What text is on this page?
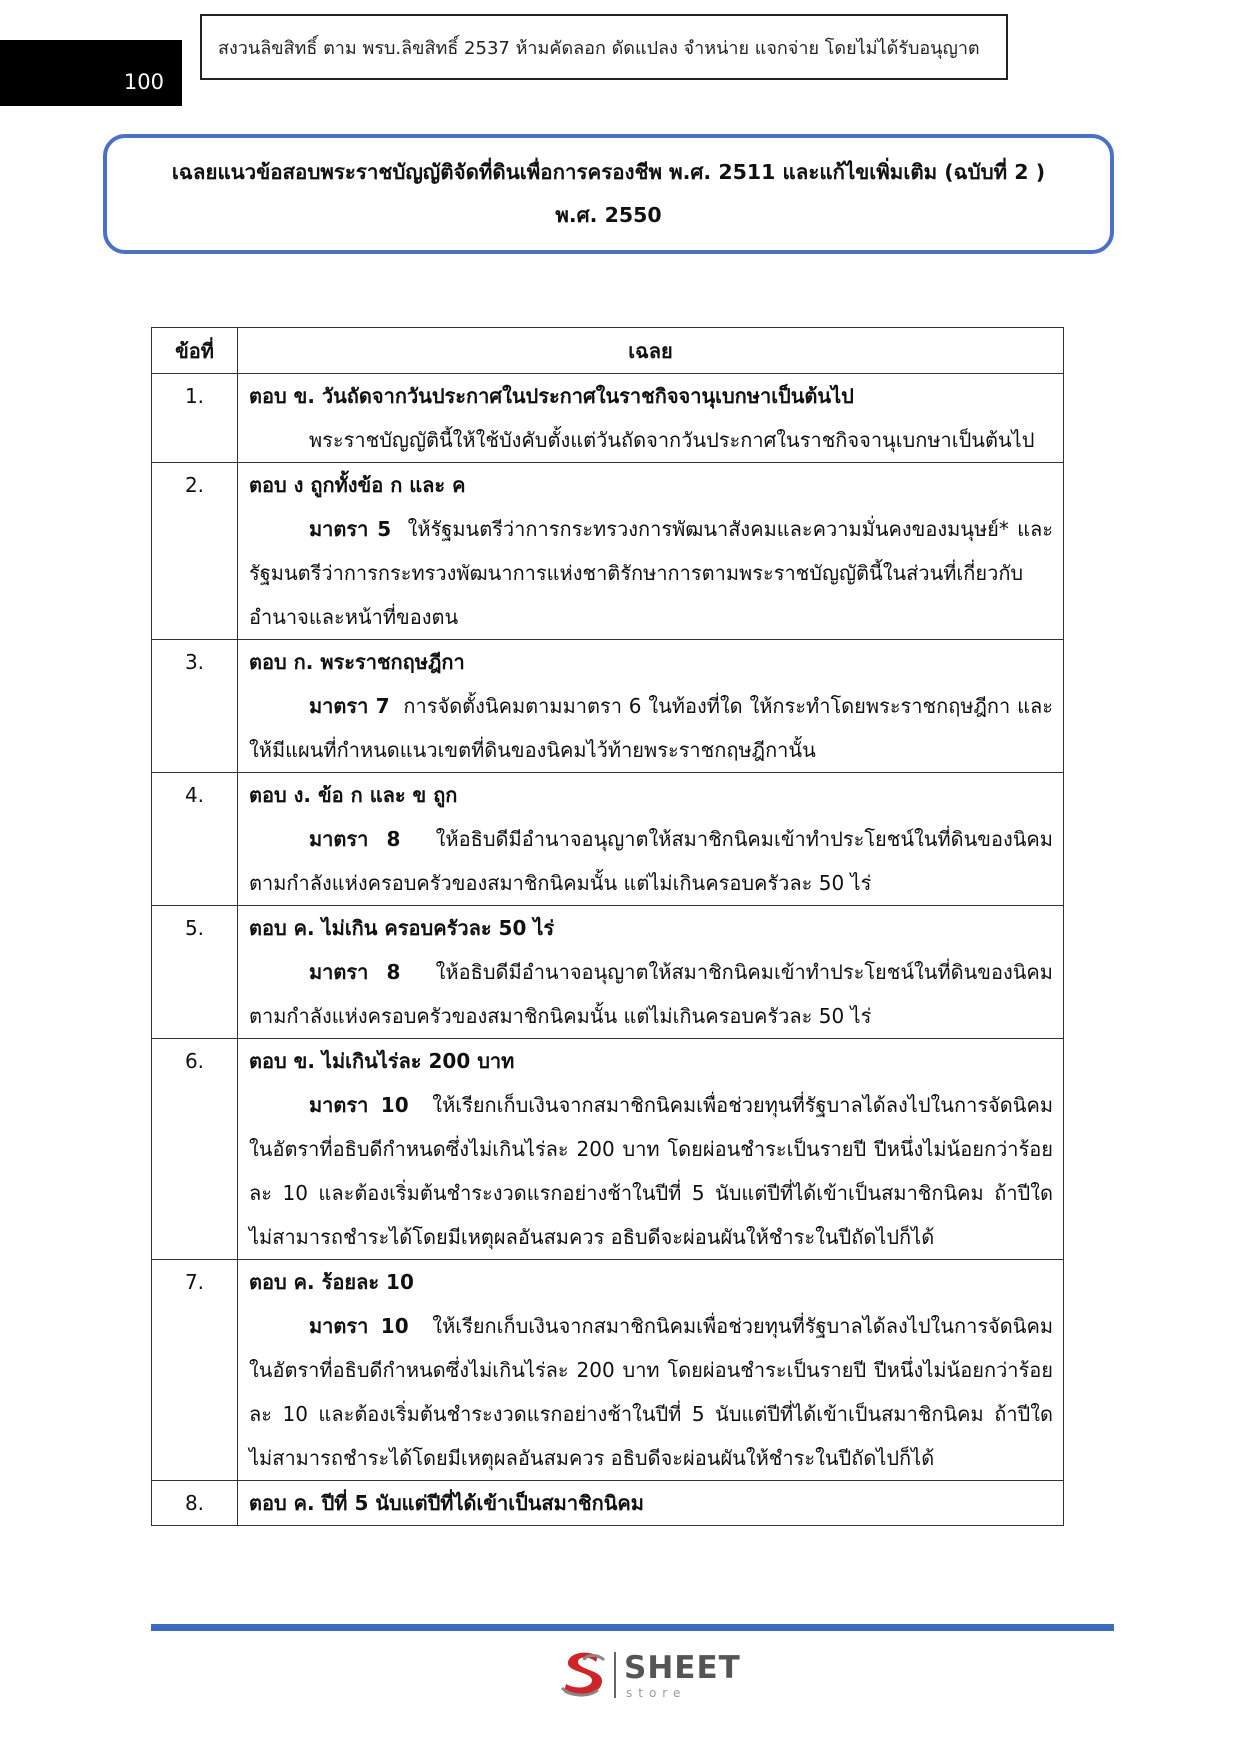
100
สงวนลิขสิทธิ์ ตาม พรบ.ลิขสิทธิ์ 2537 ห้ามคัดลอก ดัดแปลง จำหน่าย แจกจ่าย โดยไม่ได้รับอนุญาต
เฉลยแนวข้อสอบพระราชบัญญัติจัดที่ดินเพื่อการครองชีพ พ.ศ. 2511 และแก้ไขเพิ่มเติม (ฉบับที่ 2 )
พ.ศ. 2550
ข้อที่	เฉลย
1.	ตอบ ข. วันถัดจากวันประกาศในประกาศในราชกิจจานุเบกษาเป็นต้นไป
พระราชบัญญัตินี้ให้ใช้บังคับตั้งแต่วันถัดจากวันประกาศในราชกิจจานุเบกษาเป็นต้นไป

2.	ตอบ ง ถูกทั้งข้อ ก และ ค
มาตรา 5 ให้รัฐมนตรีว่าการกระทรวงการพัฒนาสังคมและความมั่นคงของมนุษย์* และรัฐมนตรีว่าการกระทรวงพัฒนาการแห่งชาติรักษาการตามพระราชบัญญัตินี้ในส่วนที่เกี่ยวกับอำนาจและหน้าที่ของตน

3.	ตอบ ก. พระราชกฤษฎีกา
มาตรา 7 การจัดตั้งนิคมตามมาตรา 6 ในท้องที่ใด ให้กระทำโดยพระราชกฤษฎีกา และให้มีแผนที่กำหนดแนวเขตที่ดินของนิคมไว้ท้ายพระราชกฤษฎีกานั้น

4.	ตอบ ง. ข้อ ก และ ข ถูก
มาตรา 8 ให้อธิบดีมีอำนาจอนุญาตให้สมาชิกนิคมเข้าทำประโยชน์ในที่ดินของนิคมตามกำลังแห่งครอบครัวของสมาชิกนิคมนั้น แต่ไม่เกินครอบครัวละ 50 ไร่

5.	ตอบ ค. ไม่เกิน ครอบครัวละ 50 ไร่
มาตรา 8 ให้อธิบดีมีอำนาจอนุญาตให้สมาชิกนิคมเข้าทำประโยชน์ในที่ดินของนิคมตามกำลังแห่งครอบครัวของสมาชิกนิคมนั้น แต่ไม่เกินครอบครัวละ 50 ไร่

6.	ตอบ ข. ไม่เกินไร่ละ 200 บาท
มาตรา 10 ให้เรียกเก็บเงินจากสมาชิกนิคมเพื่อช่วยทุนที่รัฐบาลได้ลงไปในการจัดนิคมในอัตราที่อธิบดีกำหนดซึ่งไม่เกินไร่ละ 200 บาท โดยผ่อนชำระเป็นรายปี ปีหนึ่งไม่น้อยกว่าร้อยละ 10 และต้องเริ่มต้นชำระงวดแรกอย่างช้าในปีที่ 5 นับแต่ปีที่ได้เข้าเป็นสมาชิกนิคม ถ้าปีใดไม่สามารถชำระได้โดยมีเหตุผลอันสมควร อธิบดีจะผ่อนผันให้ชำระในปีถัดไปก็ได้

7.	ตอบ ค. ร้อยละ 10
มาตรา 10 ให้เรียกเก็บเงินจากสมาชิกนิคมเพื่อช่วยทุนที่รัฐบาลได้ลงไปในการจัดนิคมในอัตราที่อธิบดีกำหนดซึ่งไม่เกินไร่ละ 200 บาท โดยผ่อนชำระเป็นรายปี ปีหนึ่งไม่น้อยกว่าร้อยละ 10 และต้องเริ่มต้นชำระงวดแรกอย่างช้าในปีที่ 5 นับแต่ปีที่ได้เข้าเป็นสมาชิกนิคม ถ้าปีใดไม่สามารถชำระได้โดยมีเหตุผลอันสมควร อธิบดีจะผ่อนผันให้ชำระในปีถัดไปก็ได้

8.	ตอบ ค. ปีที่ 5 นับแต่ปีที่ได้เข้าเป็นสมาชิกนิคม
SHEET
store
